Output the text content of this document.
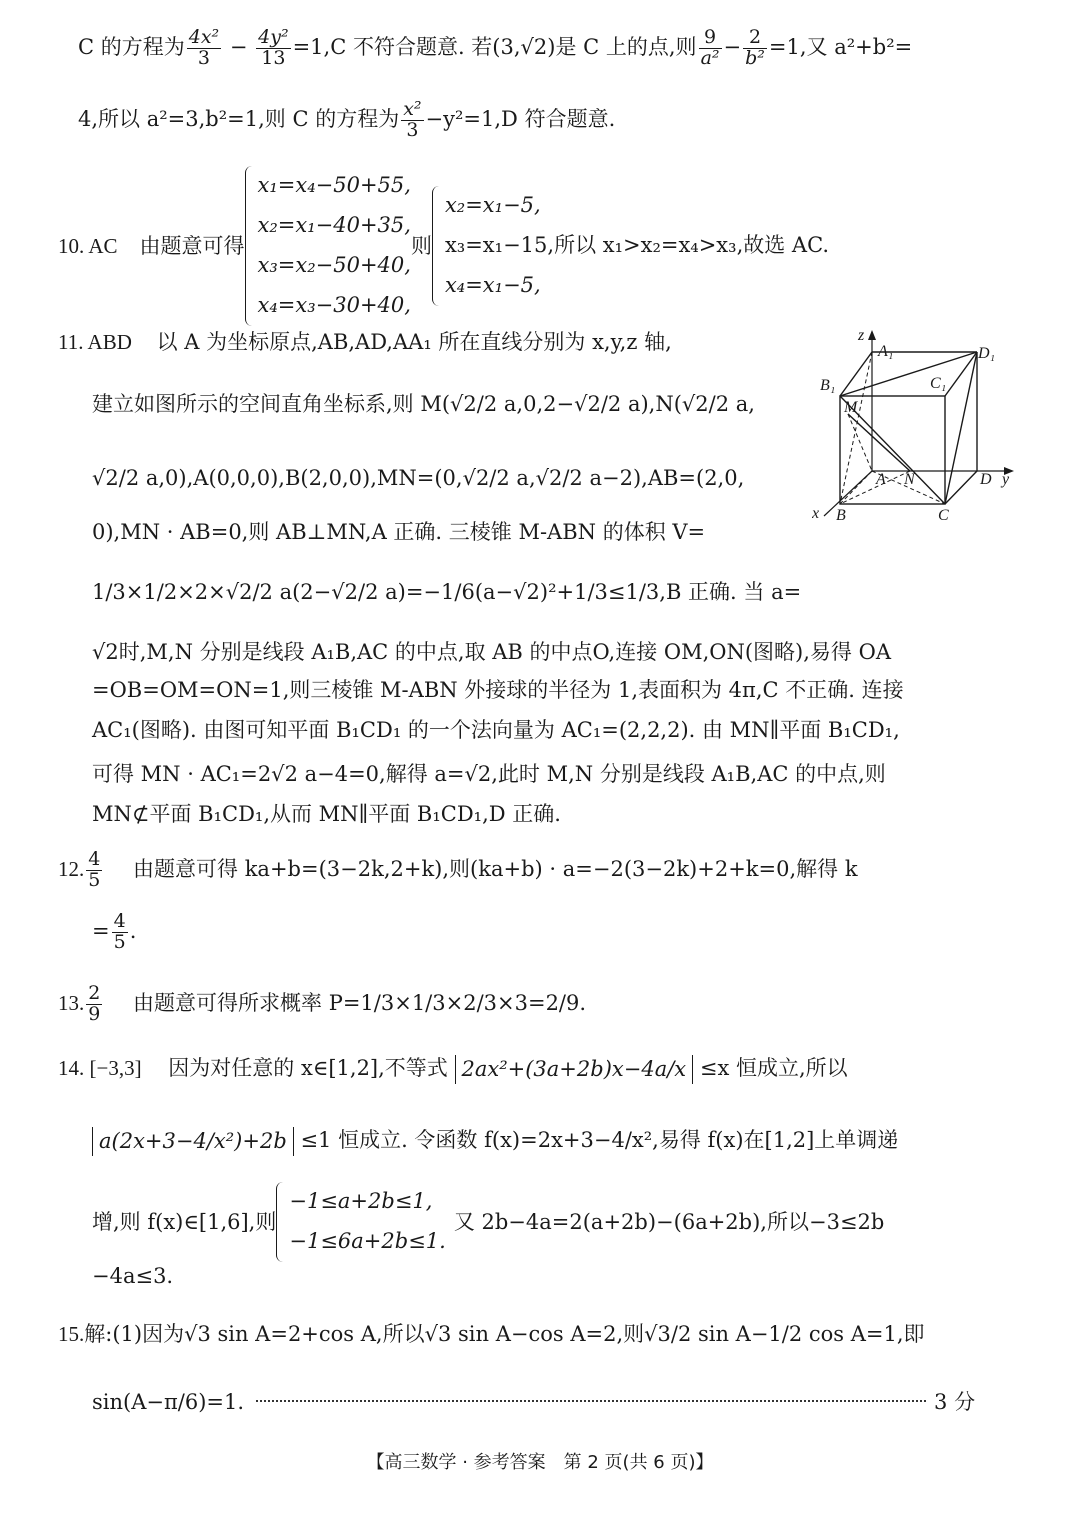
C 的方程为 $\frac{\text{4x²}}{3} - \frac{\text{4y²}}{13} =1,C$ 不符合题意. 若(3,√2)是 C 上的点,则 $\frac{9}{\text{a²}} - \frac{2}{\text{b²}} =1$,又 a²+b²=
4,所以 a²=3,b²=1,则 C 的方程为 $\frac{\text{x²}}{3} -y^2=1,D$ 符合题意.
10. AC 由题意可得
x₁=x₄−50+55,
x₂=x₁−40+35,
x₃=x₂−50+40,
x₄=x₃−30+40,
则
x₂=x₁−5,
x₃=x₁−15,所以 x₁>x₂=x₄>x₃,故选 AC.
x₄=x₁−5,
11. ABD 以 A 为坐标原点,AB,AD,AA₁ 所在直线分别为 x,y,z 轴,
建立如图所示的空间直角坐标系,则 M(√2/2 a,0,2−√2/2 a),N(√2/2 a,
√2/2 a,0),A(0,0,0),B(2,0,0),MN=(0,√2/2 a,√2/2 a−2),AB=(2,0,
0),MN · AB=0,则 AB⊥MN,A 正确. 三棱锥 M-ABN 的体积 V=
1/3×1/2×2×√2/2 a(2−√2/2 a)=−1/6(a−√2)²+1/3≤1/3,B 正确. 当 a=
√2时,M,N 分别是线段 A₁B,AC 的中点,取 AB 的中点O,连接 OM,ON(图略),易得 OA
=OB=OM=ON=1,则三棱锥 M-ABN 外接球的半径为 1,表面积为 4π,C 不正确. 连接
AC₁(图略). 由图可知平面 B₁CD₁ 的一个法向量为 AC₁=(2,2,2). 由 MN∥平面 B₁CD₁,
可得 MN · AC₁=2√2 a−4=0,解得 a=√2,此时 M,N 分别是线段 A₁B,AC 的中点,则
MN⊄平面 B₁CD₁,从而 MN∥平面 B₁CD₁,D 正确.
z
A₁	D₁
B₁	C₁
M
A N	D y
x B	C
12. $\frac{4}{5}$ 由题意可得 ka+b=(3−2k,2+k),则(ka+b) · a=−2(3−2k)+2+k=0,解得 k
= $\frac{4}{5}$ .
13. $\frac{2}{9}$ 由题意可得所求概率 P=1/3×1/3×2/3×3=2/9.
14. [−3,3] 因为对任意的 x∈[1,2],不等式 2ax²+(3a+2b)x−4a/x ≤x 恒成立,所以
a(2x+3−4/x²)+2b ≤1 恒成立. 令函数 f(x)=2x+3−4/x²,易得 f(x)在[1,2]上单调递
增,则 f(x)∈[1,6],则
−1≤a+2b≤1,
−1≤6a+2b≤1.
又 2b−4a=2(a+2b)−(6a+2b),所以−3≤2b
−4a≤3.
15.解:(1)因为√3 sin A=2+cos A,所以√3 sin A−cos A=2,则√3/2 sin A−1/2 cos A=1,即
sin(A−π/6)=1.	3 分
【高三数学 · 参考答案　第 2 页(共 6 页)】
